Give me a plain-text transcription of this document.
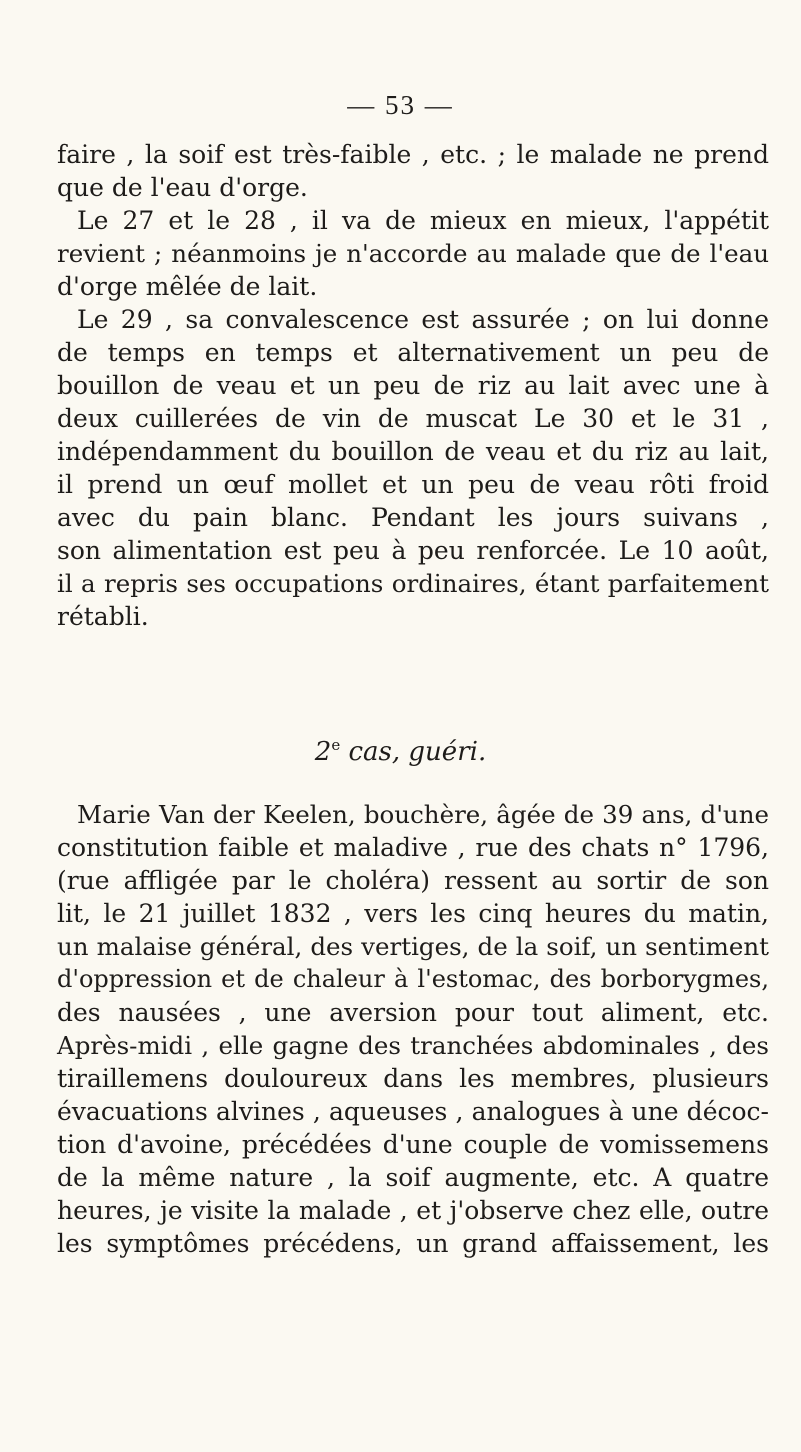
— 53 —
faire , la soif est très-faible , etc. ; le malade ne prend
que de l'eau d'orge.
Le 27 et le 28 , il va de mieux en mieux, l'appétit
revient ; néanmoins je n'accorde au malade que de l'eau
d'orge mêlée de lait.
Le 29 , sa convalescence est assurée ; on lui donne
de temps en temps et alternativement un peu de
bouillon de veau et un peu de riz au lait avec une à
deux cuillerées de vin de muscat Le 30 et le 31 ,
indépendamment du bouillon de veau et du riz au lait,
il prend un œuf mollet et un peu de veau rôti froid
avec du pain blanc. Pendant les jours suivans ,
son alimentation est peu à peu renforcée. Le 10 août,
il a repris ses occupations ordinaires, étant parfaitement
rétabli.
2e cas, guéri.
Marie Van der Keelen, bouchère, âgée de 39 ans, d'une
constitution faible et maladive , rue des chats n° 1796,
(rue affligée par le choléra) ressent au sortir de son
lit, le 21 juillet 1832 , vers les cinq heures du matin,
un malaise général, des vertiges, de la soif, un sentiment
d'oppression et de chaleur à l'estomac, des borborygmes,
des nausées , une aversion pour tout aliment, etc.
Après-midi , elle gagne des tranchées abdominales , des
tiraillemens douloureux dans les membres, plusieurs
évacuations alvines , aqueuses , analogues à une décoc-
tion d'avoine, précédées d'une couple de vomissemens
de la même nature , la soif augmente, etc. A quatre
heures, je visite la malade , et j'observe chez elle, outre
les symptômes précédens, un grand affaissement, les
